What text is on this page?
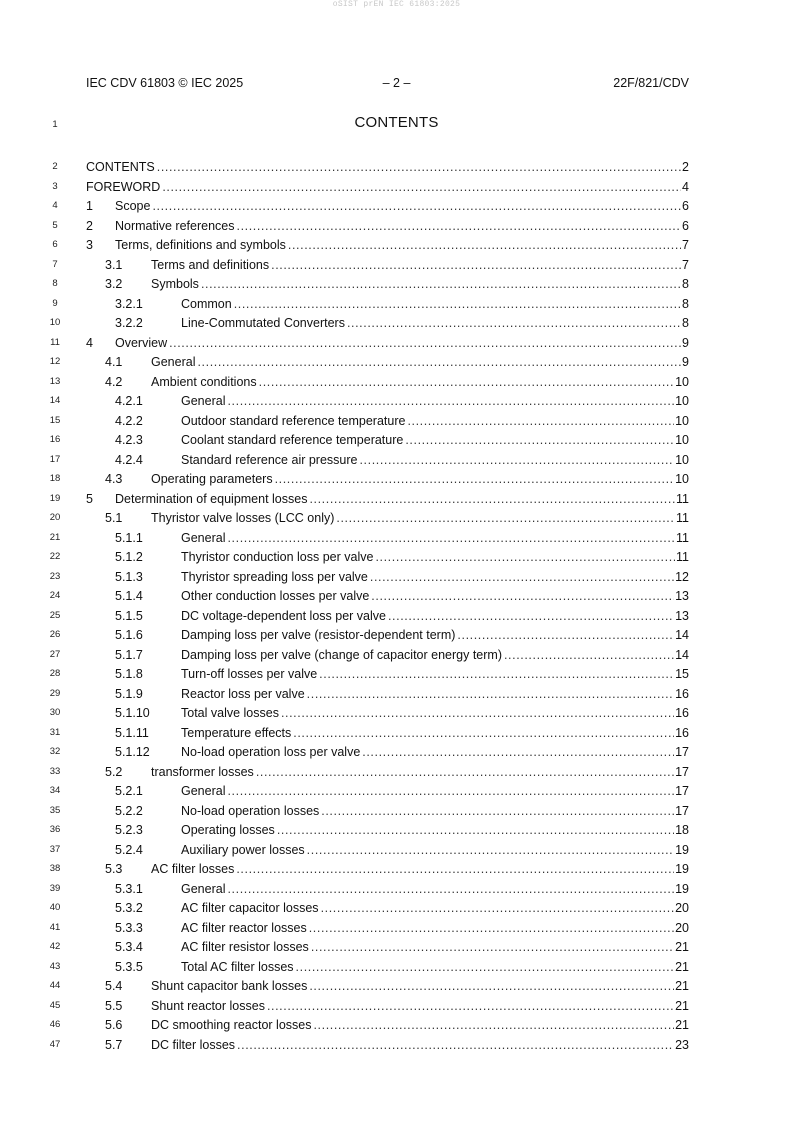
oSIST prEN IEC 61803:2025
IEC CDV 61803 © IEC 2025	– 2 –	22F/821/CDV
1	CONTENTS
2	CONTENTS .....	2
3	FOREWORD .....	4
4	1	Scope .....	6
5	2	Normative references .....	6
6	3	Terms, definitions and symbols .....	7
7	3.1	Terms and definitions .....	7
8	3.2	Symbols .....	8
9	3.2.1	Common .....	8
10	3.2.2	Line-Commutated Converters .....	8
11	4	Overview .....	9
12	4.1	General .....	9
13	4.2	Ambient conditions .....	10
14	4.2.1	General .....	10
15	4.2.2	Outdoor standard reference temperature .....	10
16	4.2.3	Coolant standard reference temperature .....	10
17	4.2.4	Standard reference air pressure .....	10
18	4.3	Operating parameters .....	10
19	5	Determination of equipment losses .....	11
20	5.1	Thyristor valve losses (LCC only) .....	11
21	5.1.1	General .....	11
22	5.1.2	Thyristor conduction loss per valve .....	11
23	5.1.3	Thyristor spreading loss per valve .....	12
24	5.1.4	Other conduction losses per valve .....	13
25	5.1.5	DC voltage-dependent loss per valve .....	13
26	5.1.6	Damping loss per valve (resistor-dependent term) .....	14
27	5.1.7	Damping loss per valve (change of capacitor energy term) .....	14
28	5.1.8	Turn-off losses per valve .....	15
29	5.1.9	Reactor loss per valve .....	16
30	5.1.10	Total valve losses .....	16
31	5.1.11	Temperature effects .....	16
32	5.1.12	No-load operation loss per valve .....	17
33	5.2	transformer losses .....	17
34	5.2.1	General .....	17
35	5.2.2	No-load operation losses .....	17
36	5.2.3	Operating losses .....	18
37	5.2.4	Auxiliary power losses .....	19
38	5.3	AC filter losses .....	19
39	5.3.1	General .....	19
40	5.3.2	AC filter capacitor losses .....	20
41	5.3.3	AC filter reactor losses .....	20
42	5.3.4	AC filter resistor losses .....	21
43	5.3.5	Total AC filter losses .....	21
44	5.4	Shunt capacitor bank losses .....	21
45	5.5	Shunt reactor losses .....	21
46	5.6	DC smoothing reactor losses .....	21
47	5.7	DC filter losses .....	23
